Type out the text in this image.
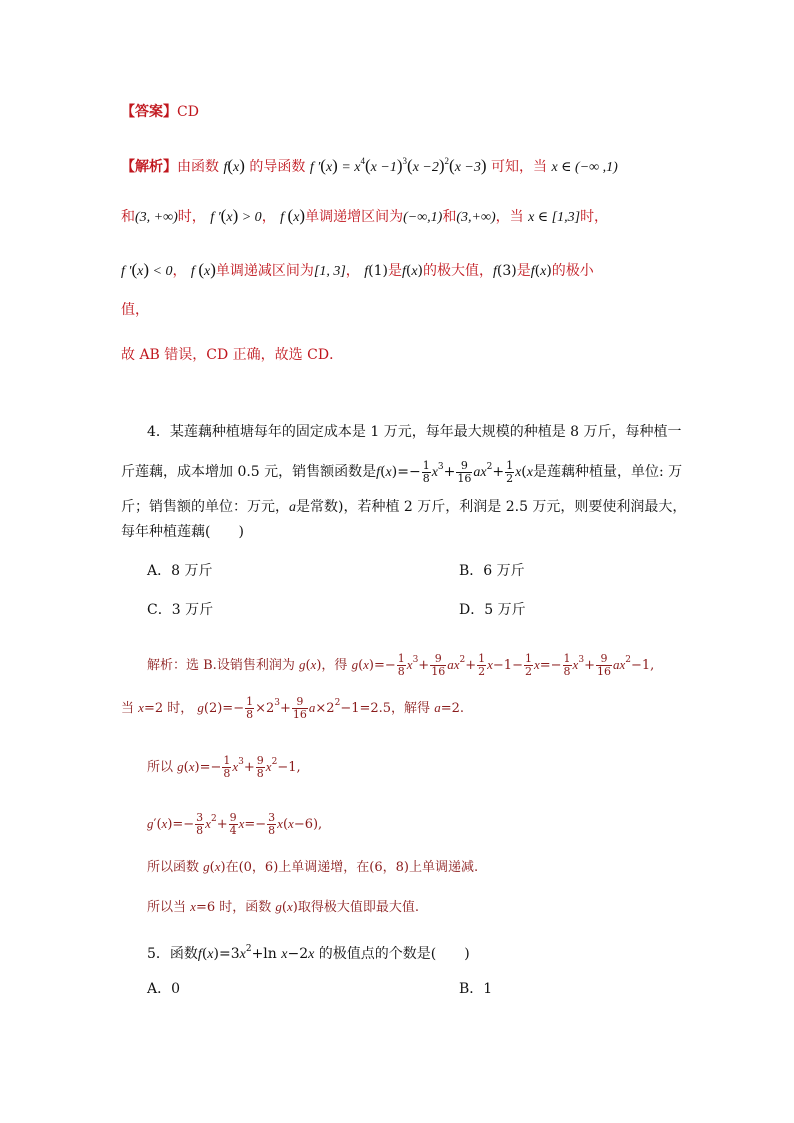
【答案】CD
【解析】由函数 f(x) 的导函数 f $'(x) = x^4(x -1)^3(x -2)^2(x -3)$ 可知，当 x ∈ (−∞ ,1)
和(3, +∞)时， f ′(x) > 0， f (x)单调递增区间为(−∞,1)和(3,+∞)，当 x ∈ [1,3]时，
f ′(x) < 0， f (x)单调递减区间为[1, 3]， f(1)是f(x)的极大值，f(3)是f(x)的极小
值，
故 AB 错误，CD 正确，故选 CD．
4．某莲藕种植塘每年的固定成本是 1 万元，每年最大规模的种植是 8 万斤，每种植一
斤莲藕，成本增加 0.5 元，销售额函数是$f(x)=- \frac{1}{8} x^3+ \frac{9}{16} ax^2+ \frac{1}{2} x(x$是莲藕种植量，单位: 万
斤；销售额的单位：万元，a是常数)，若种植 2 万斤，利润是 2.5 万元，则要使利润最大，
每年种植莲藕(　　)
A．8 万斤	B．6 万斤
C．3 万斤	D．5 万斤
解析：选 B.设销售利润为 g(x)，得 $g(x)=- \frac{1}{8} x^3+ \frac{9}{16} ax^2+ \frac{1}{2} x-1- \frac{1}{2} x=- \frac{1}{8} x^3+ \frac{9}{16} ax^2-1$,
当 x=2 时， $g(2)=- \frac{1}{8} \times 2^3+ \frac{9}{16} a\times 2^2-1=2.5$，解得 a=2.
所以 $g(x)=- \frac{1}{8} x^3+ \frac{9}{8} x^2-1$,
$g'(x)=- \frac{3}{8} x^2+ \frac{9}{4} x=- \frac{3}{8} x(x-6)$,
所以函数 g(x)在(0，6)上单调递增，在(6，8)上单调递减.
所以当 x=6 时，函数 g(x)取得极大值即最大值.
5．函数$f(x)=3x^2+\ln$ x−2x 的极值点的个数是(　　)
A．0	B．1
